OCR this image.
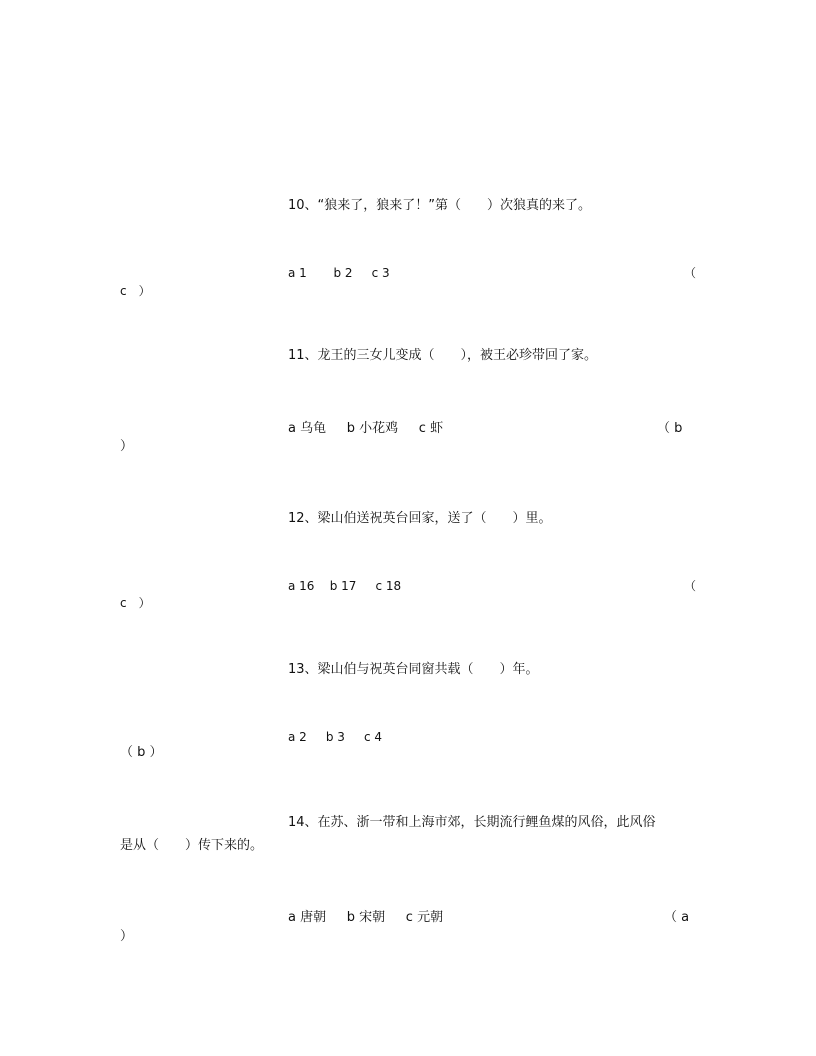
10、“狼来了，狼来了！”第（　　）次狼真的来了。
a 1       b 2     c 3	（
c　）
11、龙王的三女儿变成（　　），被王必珍带回了家。
a 乌龟     b 小花鸡     c 虾	（ b
）
12、梁山伯送祝英台回家，送了（　　）里。
a 16    b 17     c 18	（
c　）
13、梁山伯与祝英台同窗共载（　　）年。
a 2     b 3     c 4
（ b ）
14、在苏、浙一带和上海市郊，长期流行鲤鱼煤的风俗，此风俗
是从（　　）传下来的。
a 唐朝     b 宋朝     c 元朝	（ a
）
